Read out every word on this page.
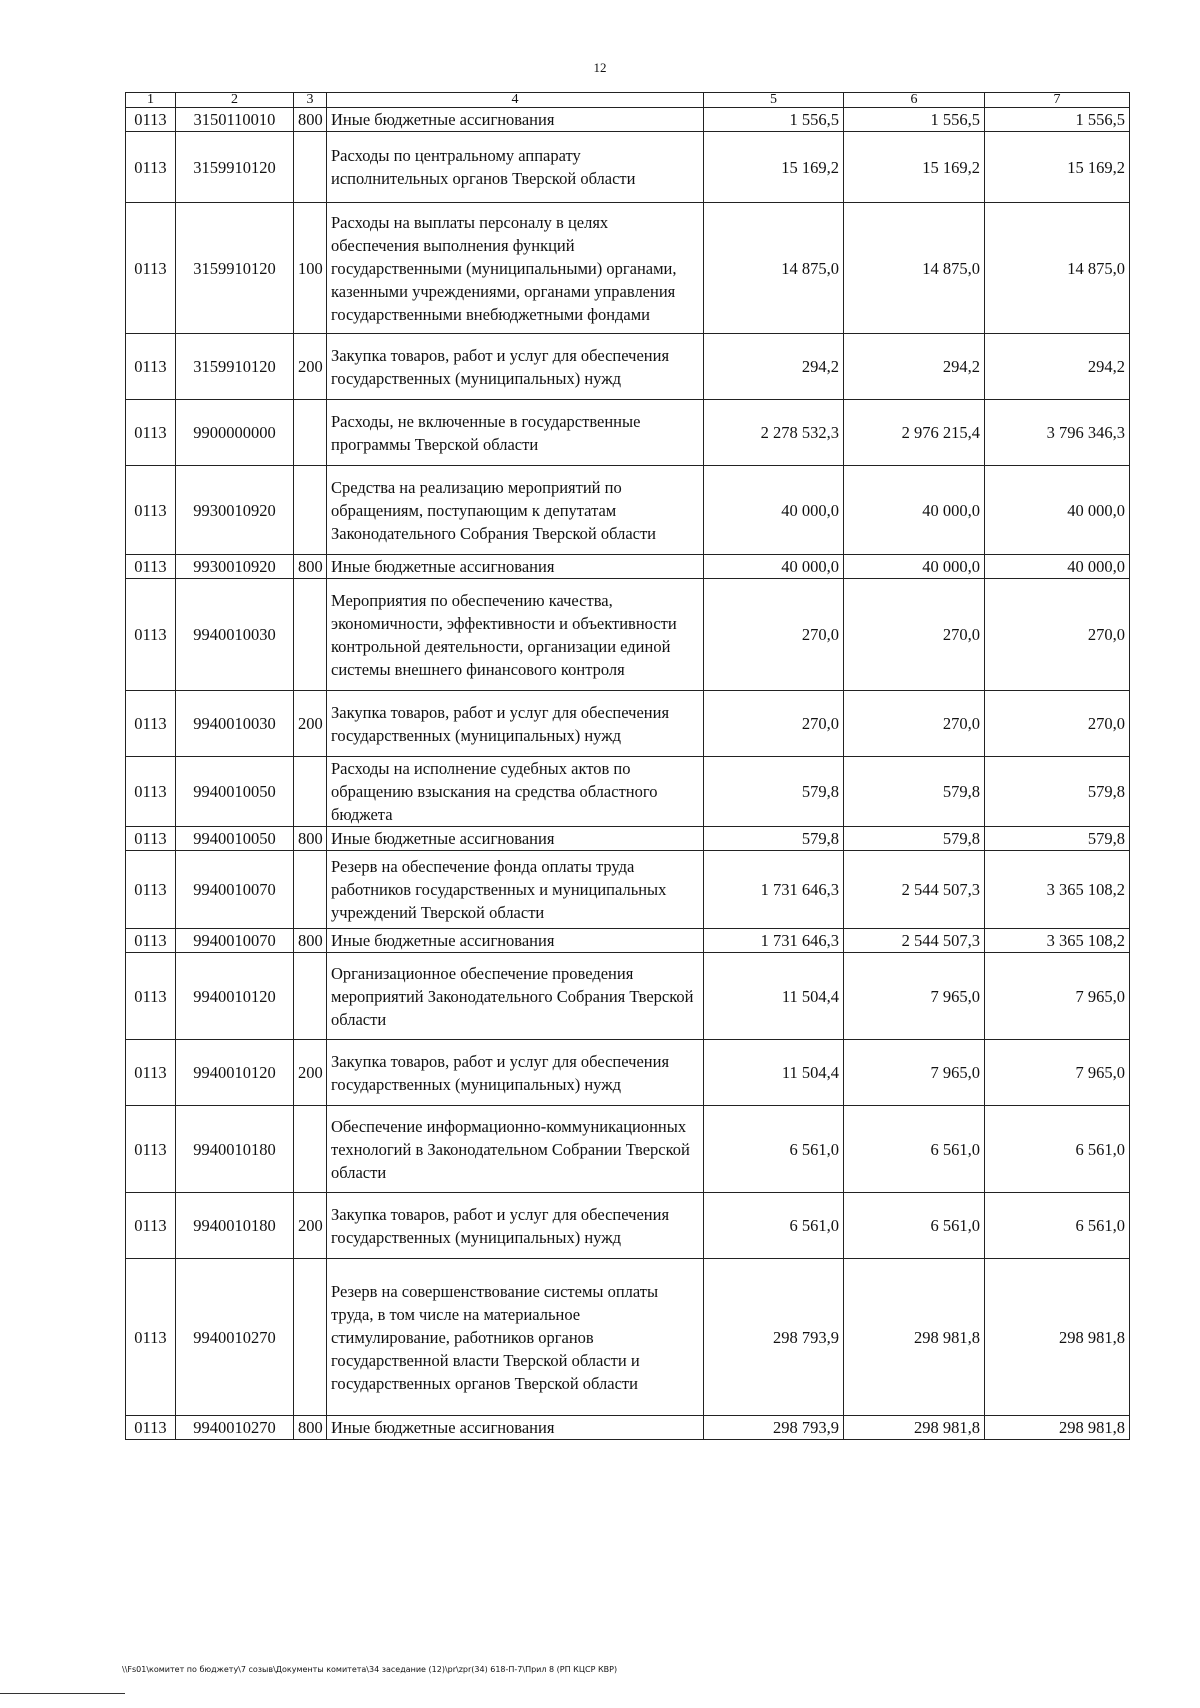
12
1	2	3	4	5	6	7
0113	3150110010	800	Иные бюджетные ассигнования	1 556,5	1 556,5	1 556,5
0113	3159910120		Расходы по центральному аппарату исполнительных органов Тверской области	15 169,2	15 169,2	15 169,2
0113	3159910120	100	Расходы на выплаты персоналу в целях обеспечения выполнения функций государственными (муниципальными) органами, казенными учреждениями, органами управления государственными внебюджетными фондами	14 875,0	14 875,0	14 875,0
0113	3159910120	200	Закупка товаров, работ и услуг для обеспечения государственных (муниципальных) нужд	294,2	294,2	294,2
0113	9900000000		Расходы, не включенные в государственные программы Тверской области	2 278 532,3	2 976 215,4	3 796 346,3
0113	9930010920		Средства на реализацию мероприятий по обращениям, поступающим к депутатам Законодательного Собрания Тверской области	40 000,0	40 000,0	40 000,0
0113	9930010920	800	Иные бюджетные ассигнования	40 000,0	40 000,0	40 000,0
0113	9940010030		Мероприятия по обеспечению качества, экономичности, эффективности и объективности контрольной деятельности, организации единой системы внешнего финансового контроля	270,0	270,0	270,0
0113	9940010030	200	Закупка товаров, работ и услуг для обеспечения государственных (муниципальных) нужд	270,0	270,0	270,0
0113	9940010050		Расходы на исполнение судебных актов по обращению взыскания на средства областного бюджета	579,8	579,8	579,8
0113	9940010050	800	Иные бюджетные ассигнования	579,8	579,8	579,8
0113	9940010070		Резерв на обеспечение фонда оплаты труда работников государственных и муниципальных учреждений Тверской области	1 731 646,3	2 544 507,3	3 365 108,2
0113	9940010070	800	Иные бюджетные ассигнования	1 731 646,3	2 544 507,3	3 365 108,2
0113	9940010120		Организационное обеспечение проведения мероприятий Законодательного Собрания Тверской области	11 504,4	7 965,0	7 965,0
0113	9940010120	200	Закупка товаров, работ и услуг для обеспечения государственных (муниципальных) нужд	11 504,4	7 965,0	7 965,0
0113	9940010180		Обеспечение информационно-коммуникационных технологий в Законодательном Собрании Тверской области	6 561,0	6 561,0	6 561,0
0113	9940010180	200	Закупка товаров, работ и услуг для обеспечения государственных (муниципальных) нужд	6 561,0	6 561,0	6 561,0
0113	9940010270		Резерв на совершенствование системы оплаты труда, в том числе на материальное стимулирование, работников органов государственной власти Тверской области и государственных органов Тверской области	298 793,9	298 981,8	298 981,8
0113	9940010270	800	Иные бюджетные ассигнования	298 793,9	298 981,8	298 981,8
\\Fs01\комитет по бюджету\7 созыв\Документы комитета\34 заседание (12)\pr\zpr(34) 618-П-7\Прил 8 (РП КЦСР КВР)
